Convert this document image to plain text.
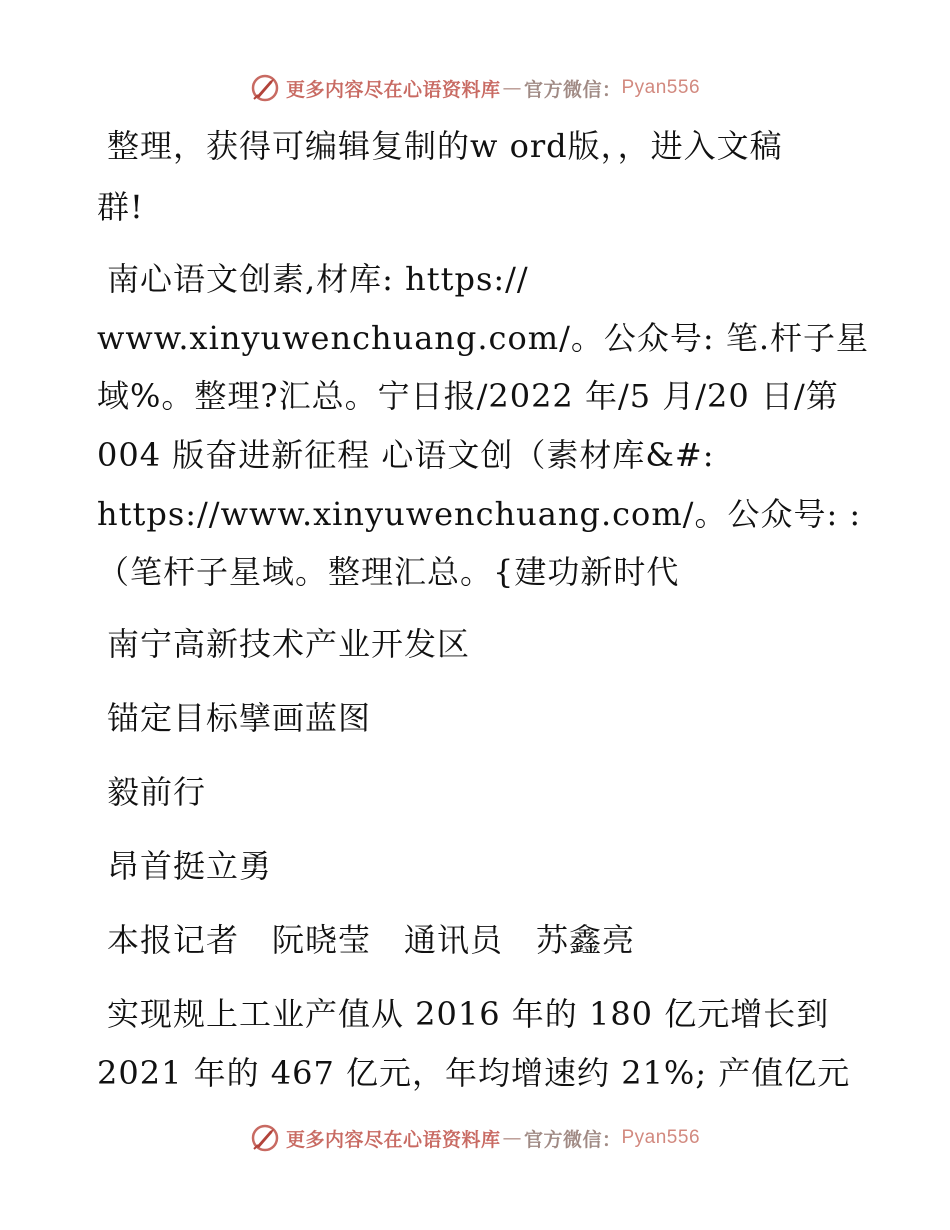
更多内容尽在心语资料库 — 官方微信： Pyan556
整理，获得可编辑复制的w ord版，，进入文稿
群!
南心语文创素,材库: https://
www.xinyuwenchuang.com/。公众号: 笔.杆子星
域%。整理?汇总。宁日报/2022 年/5 月/20 日/第
004 版奋进新征程 心语文创（素材库&#:
https://www.xinyuwenchuang.com/。公众号: :
（笔杆子星域。整理汇总。{建功新时代
南宁高新技术产业开发区
锚定目标擘画蓝图
毅前行
昂首挺立勇
本报记者　阮晓莹　通讯员　苏鑫亮
实现规上工业产值从 2016 年的 180 亿元增长到
2021 年的 467 亿元，年均增速约 21%; 产值亿元
更多内容尽在心语资料库 — 官方微信： Pyan556
